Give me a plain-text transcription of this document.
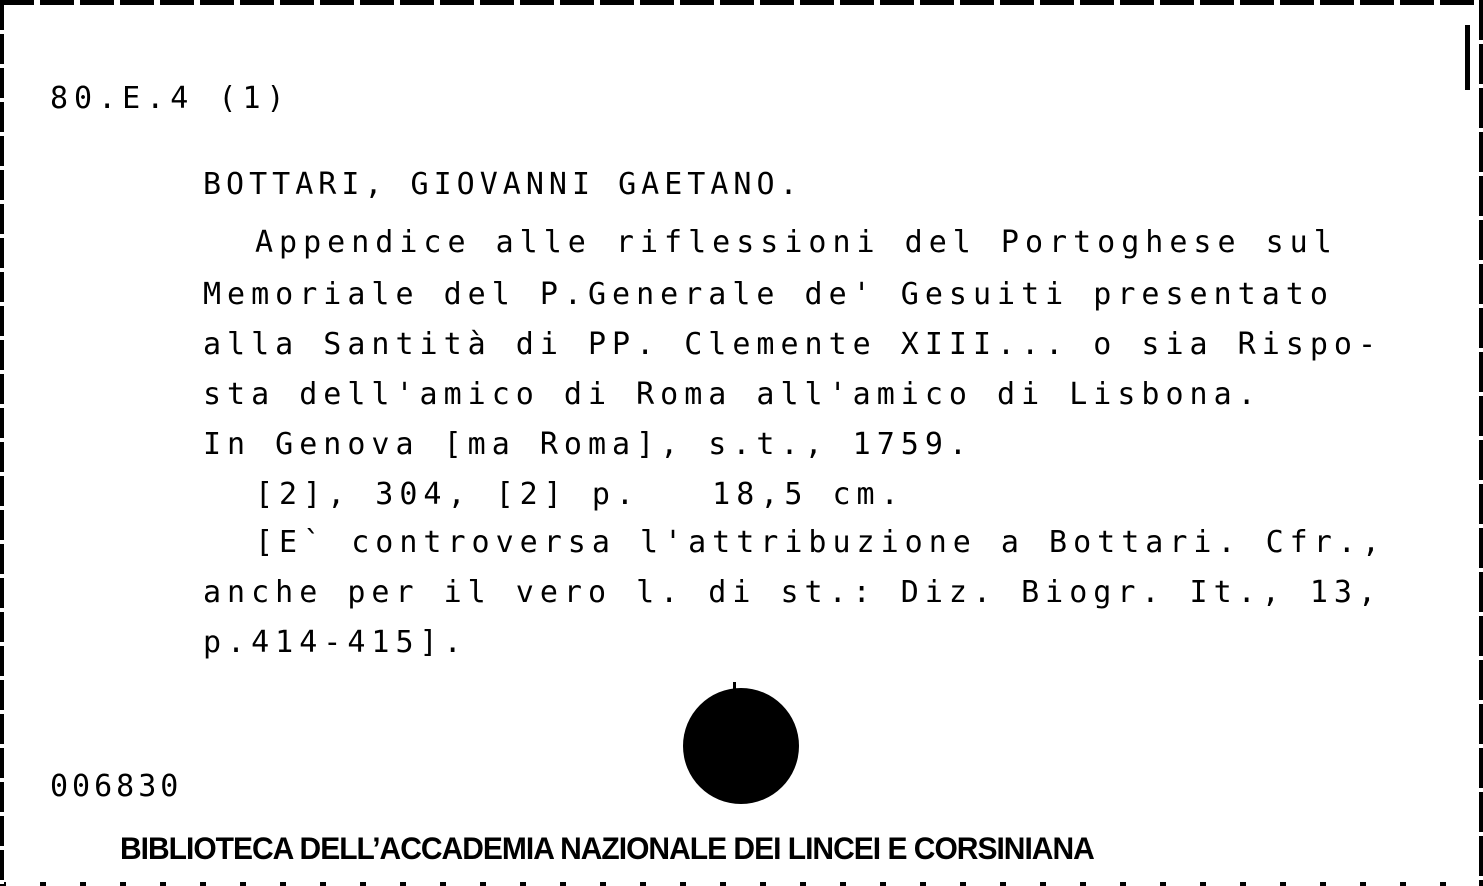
80.E.4 (1)
BOTTARI, GIOVANNI GAETANO.
Appendice alle riflessioni del Portoghese sul
Memoriale del P.Generale de' Gesuiti presentato
alla Santità di PP. Clemente XIII... o sia Rispo-
sta dell'amico di Roma all'amico di Lisbona.
In Genova [ma Roma], s.t., 1759.
[2], 304, [2] p.   18,5 cm.
[E` controversa l'attribuzione a Bottari. Cfr.,
anche per il vero l. di st.: Diz. Biogr. It., 13,
p.414-415].
006830
BIBLIOTECA DELL’ACCADEMIA NAZIONALE DEI LINCEI E CORSINIANA
